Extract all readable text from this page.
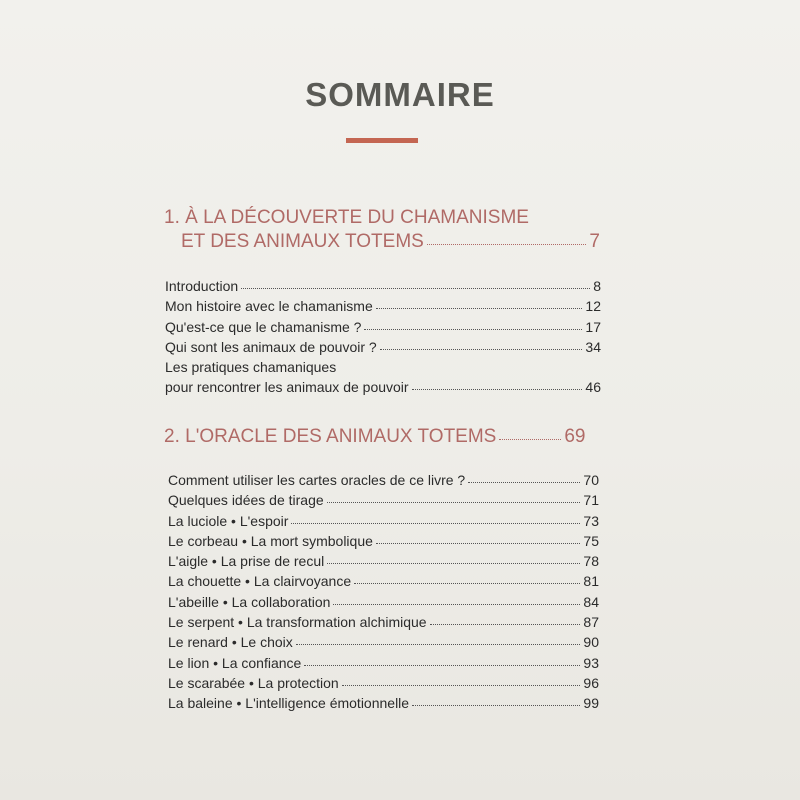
SOMMAIRE
1. À LA DÉCOUVERTE DU CHAMANISME
ET DES ANIMAUX TOTEMS	7
Introduction	8
Mon histoire avec le chamanisme	12
Qu'est-ce que le chamanisme ?	17
Qui sont les animaux de pouvoir ?	34
Les pratiques chamaniques
pour rencontrer les animaux de pouvoir	46
2. L'ORACLE DES ANIMAUX TOTEMS	69
Comment utiliser les cartes oracles de ce livre ?	70
Quelques idées de tirage	71
La luciole • L'espoir	73
Le corbeau • La mort symbolique	75
L'aigle • La prise de recul	78
La chouette • La clairvoyance	81
L'abeille • La collaboration	84
Le serpent • La transformation alchimique	87
Le renard • Le choix	90
Le lion • La confiance	93
Le scarabée • La protection	96
La baleine • L'intelligence émotionnelle	99
